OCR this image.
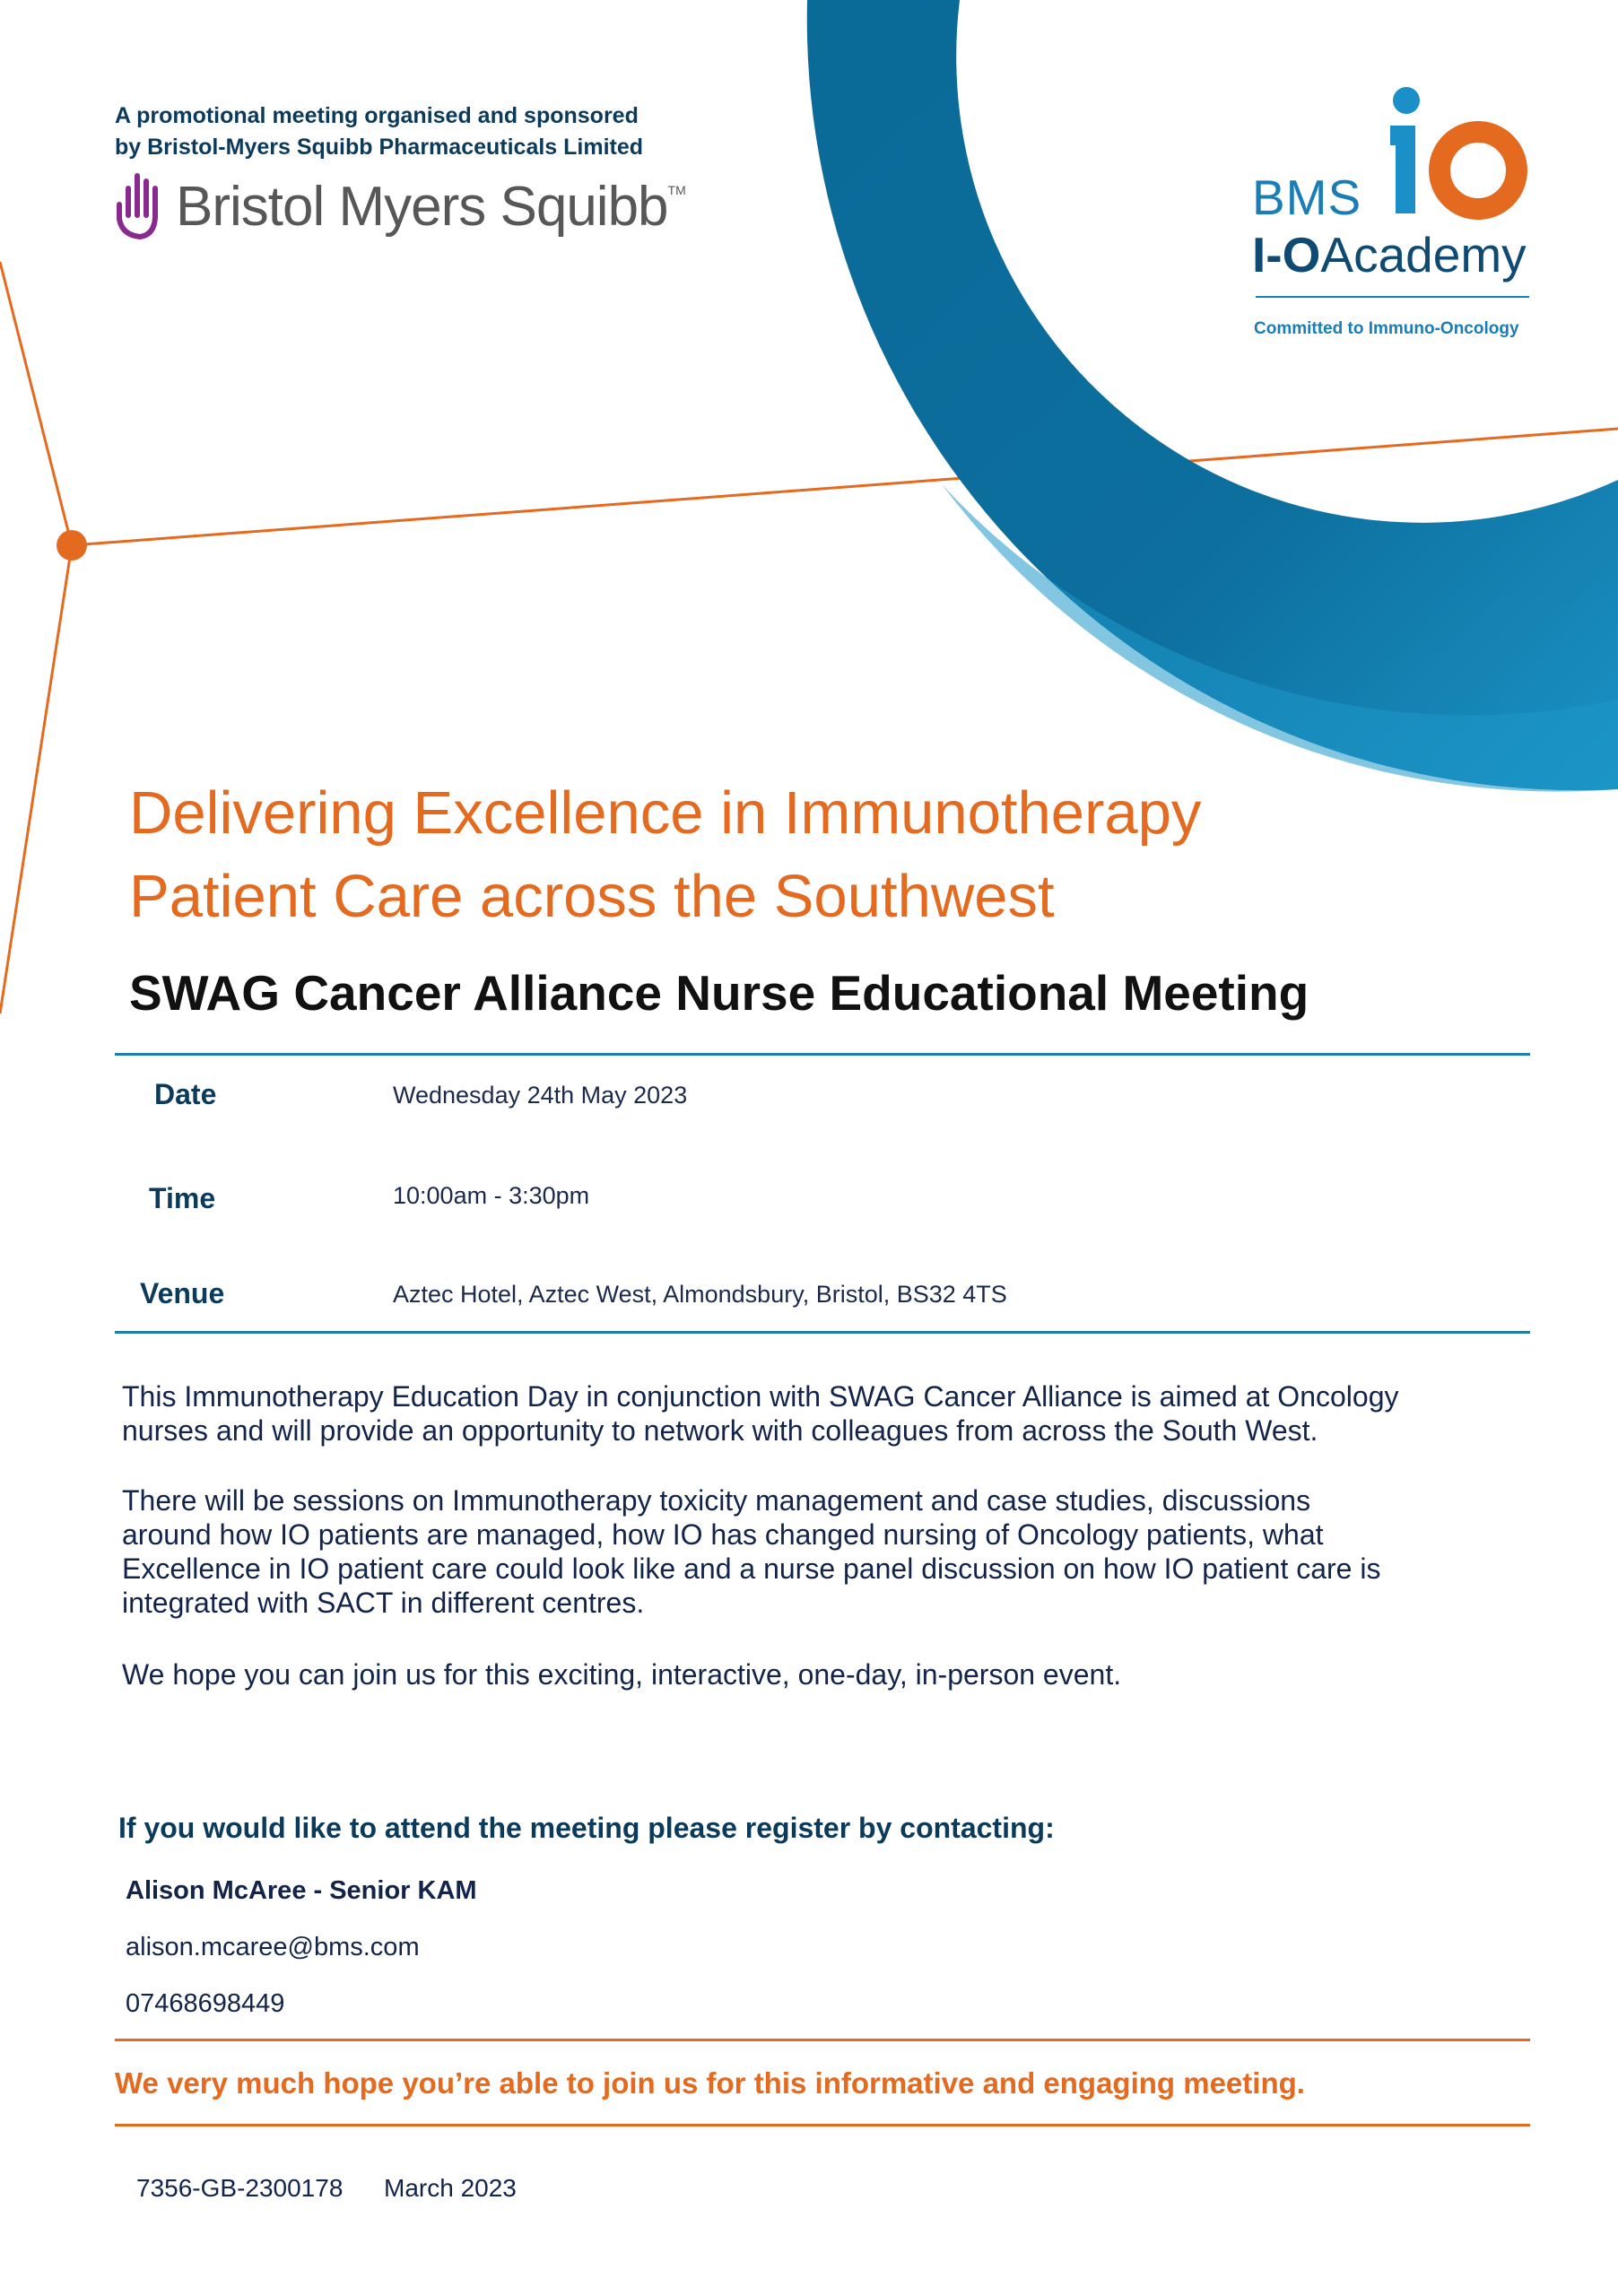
A promotional meeting organised and sponsored
by Bristol-Myers Squibb Pharmaceuticals Limited
Bristol Myers Squibb TM	BMS
I-OAcademy
Committed to Immuno-Oncology
Delivering Excellence in Immunotherapy
Patient Care across the Southwest
SWAG Cancer Alliance Nurse Educational Meeting
Date	Wednesday 24th May 2023
Time	10:00am - 3:30pm
Venue	Aztec Hotel, Aztec West, Almondsbury, Bristol, BS32 4TS
This Immunotherapy Education Day in conjunction with SWAG Cancer Alliance is aimed at Oncology
nurses and will provide an opportunity to network with colleagues from across the South West.
There will be sessions on Immunotherapy toxicity management and case studies, discussions
around how IO patients are managed, how IO has changed nursing of Oncology patients, what
Excellence in IO patient care could look like and a nurse panel discussion on how IO patient care is
integrated with SACT in different centres.
We hope you can join us for this exciting, interactive, one-day, in-person event.
If you would like to attend the meeting please register by contacting:
Alison McAree - Senior KAM
alison.mcaree@bms.com
07468698449
We very much hope you’re able to join us for this informative and engaging meeting.
7356-GB-2300178 March 2023
